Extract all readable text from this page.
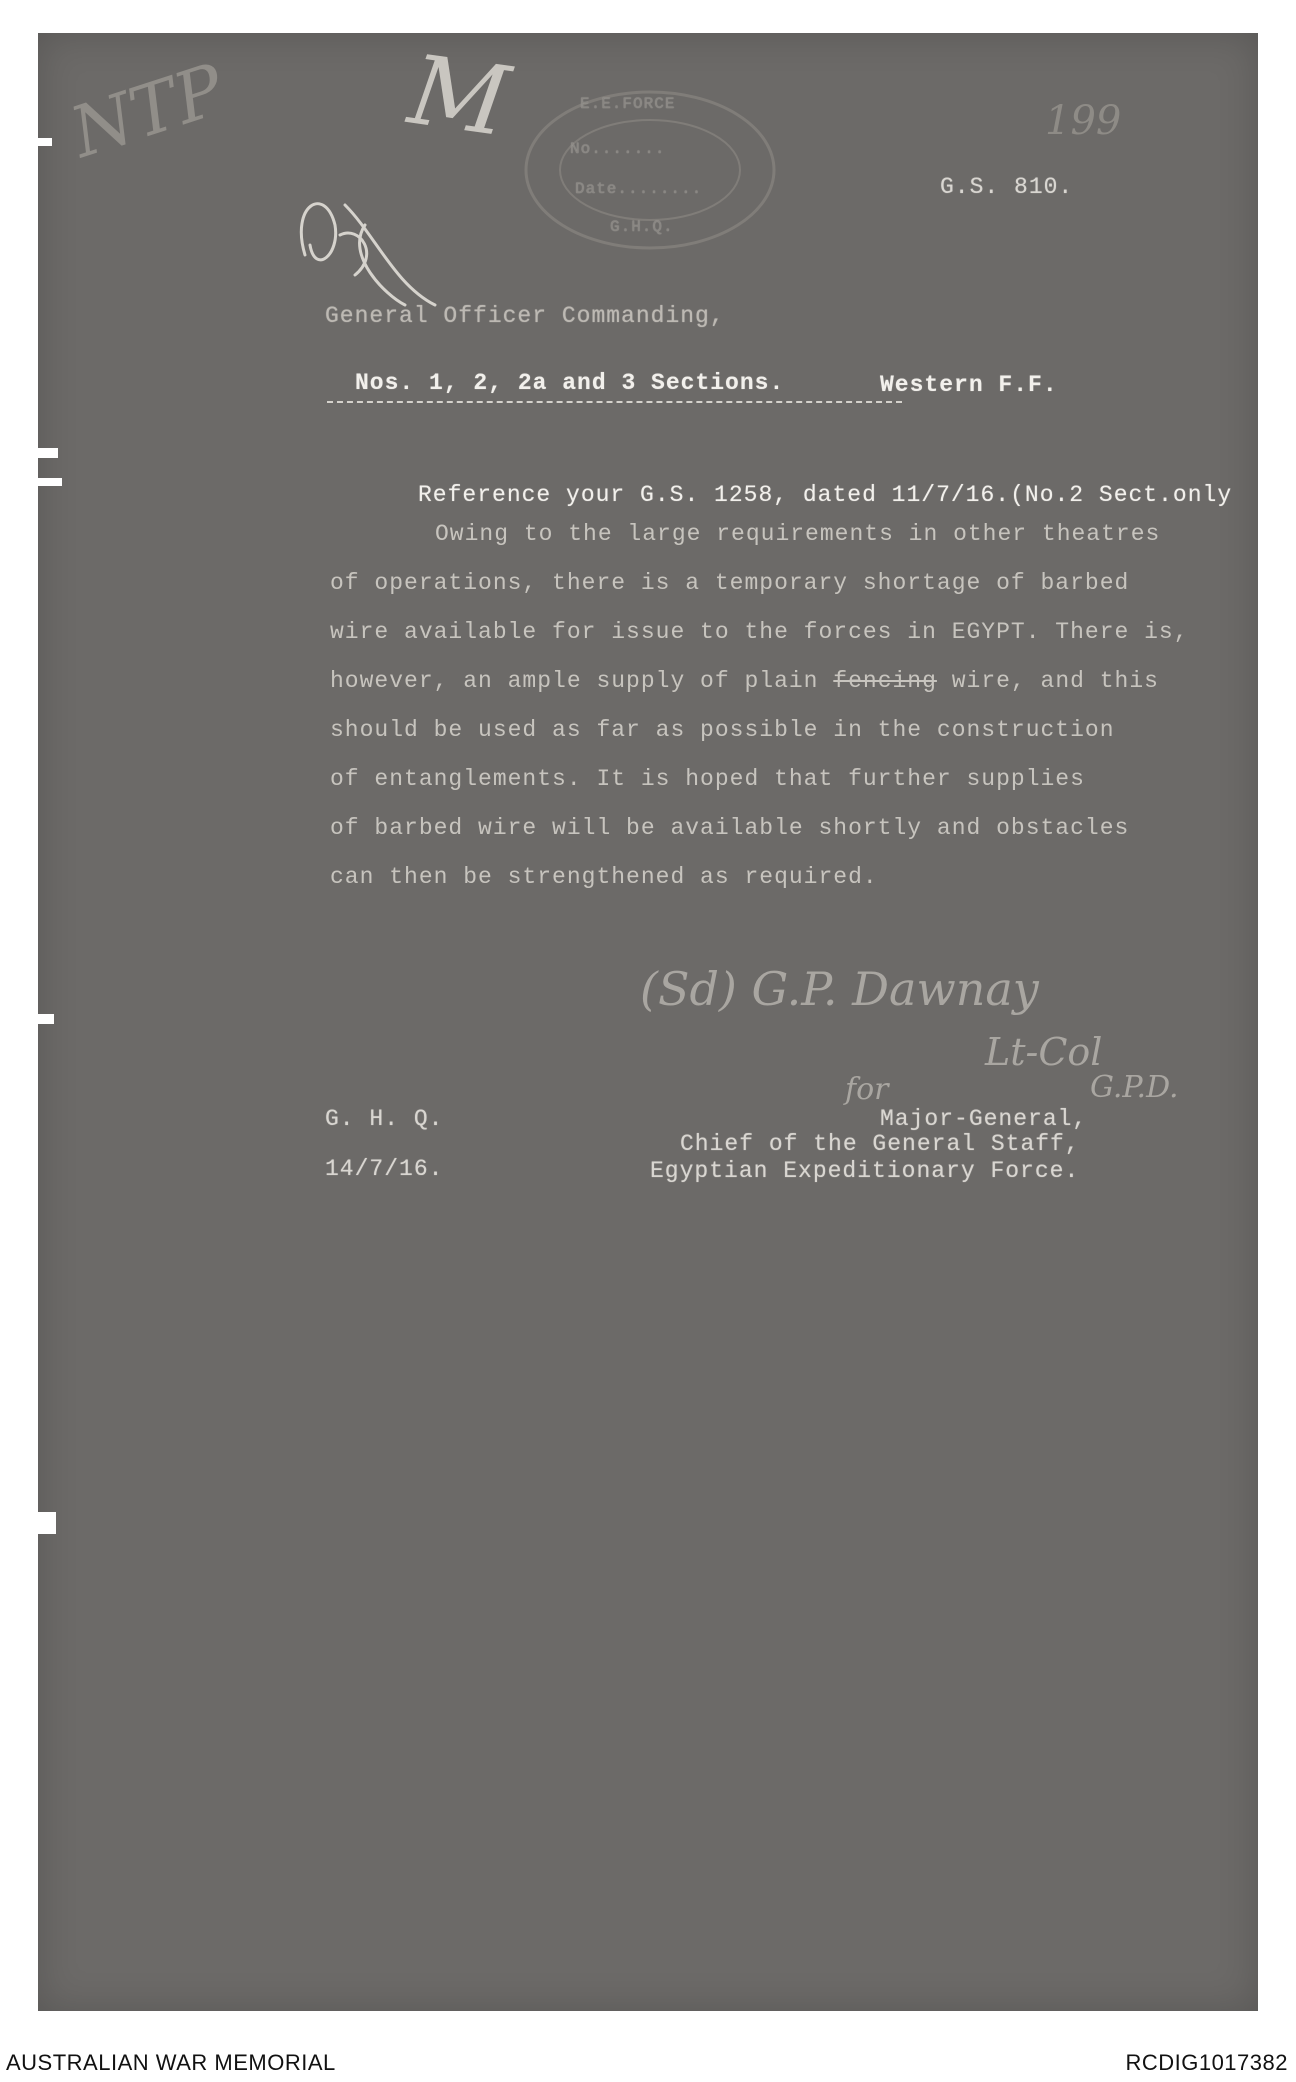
NTP M	E.E.FORCE
No.......
Date........
G.H.Q.
199
G.S. 810.
General Officer Commanding,
Nos. 1, 2, 2a and 3 Sections.	Western F.F.
Reference your G.S. 1258, dated 11/7/16.(No.2 Sect.only
Owing to the large requirements in other theatres
of operations, there is a temporary shortage of barbed
wire available for issue to the forces in EGYPT. There is,
however, an ample supply of plain fencing wire, and this
should be used as far as possible in the construction
of entanglements. It is hoped that further supplies
of barbed wire will be available shortly and obstacles
can then be strengthened as required.
(Sd) G.P. Dawnay
Lt-Col
for	G.P.D.
G. H. Q.
14/7/16.
Major-General,
Chief of the General Staff,
Egyptian Expeditionary Force.
AUSTRALIAN WAR MEMORIAL	RCDIG1017382
